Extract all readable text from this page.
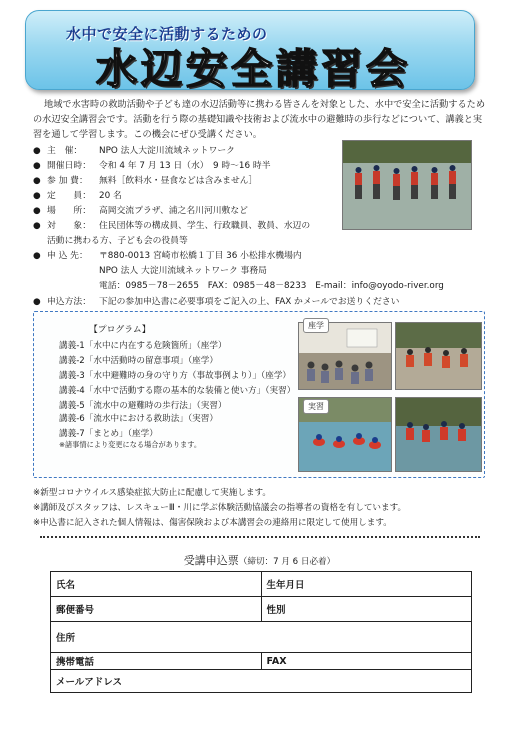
水中で安全に活動するための
水辺安全講習会
地域で水害時の救助活動や子ども達の水辺活動等に携わる皆さんを対象とした、水中で安全に活動するための水辺安全講習会です。活動を行う際の基礎知識や技術および流水中の避難時の歩行などについて、講義と実習を通して学習します。この機会にぜひ受講ください。
● 主　催： NPO 法人大淀川流域ネットワーク
● 開催日時： 令和 4 年 7 月 13 日（水）　9 時～16 時半
● 参 加 費： 無料［飲料水・昼食などは含みません］
● 定　　員： 20 名
● 場　　所： 高岡交流プラザ、浦之名川河川敷など
● 対　　象： 住民団体等の構成員、学生、行政職員、教員、水辺の
活動に携わる方、子ども会の役員等
● 申 込 先： 〒880-0013 宮崎市松橋１丁目 36 小松排水機場内
NPO 法人 大淀川流域ネットワーク 事務局
電話：0985－78－2655　FAX：0985－48－8233　E-mail：info@oyodo-river.org
● 申込方法： 下記の参加申込書に必要事項をご記入の上、FAX かメールでお送りください
【プログラム】
講義-1「水中に内在する危険箇所」（座学）
講義-2「水中活動時の留意事項」（座学）
講義-3「水中避難時の身の守り方（事故事例より）」（座学）
講義-4「水中で活動する際の基本的な装備と使い方」（実習）
講義-5「流水中の避難時の歩行法」（実習）
講義-6「流水中における救助法」（実習）
講義-7「まとめ」（座学）
※諸事情により変更になる場合があります。
座学
実習
※新型コロナウイルス感染症拡大防止に配慮して実施します。
※講師及びスタッフは、レスキューⅢ・川に学ぶ体験活動協議会の指導者の資格を有しています。
※申込書に記入された個人情報は、傷害保険および本講習会の連絡用に限定して使用します。
受講申込票（締切：7 月 6 日必着）
氏名	生年月日
郵便番号	性別
住所	
携帯電話	FAX
メールアドレス	
